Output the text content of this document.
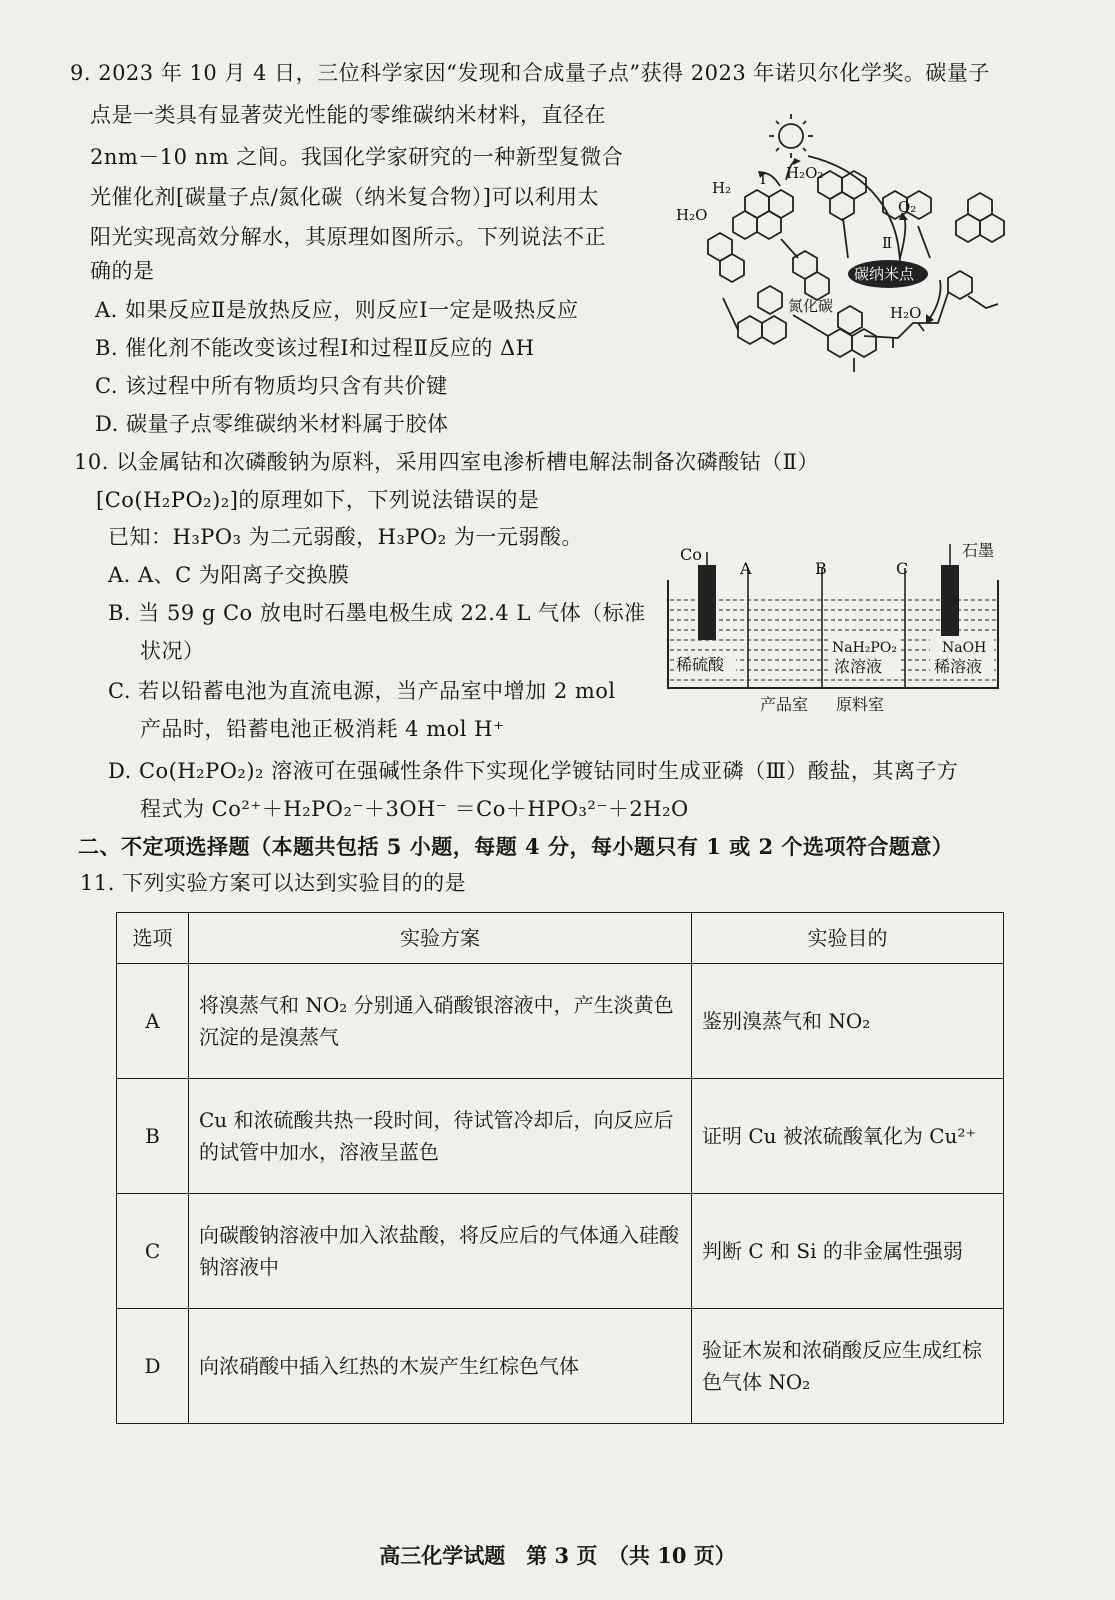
9. 2023 年 10 月 4 日，三位科学家因“发现和合成量子点”获得 2023 年诺贝尔化学奖。碳量子
点是一类具有显著荧光性能的零维碳纳米材料，直径在
2nm－10 nm 之间。我国化学家研究的一种新型复微合
光催化剂[碳量子点/氮化碳（纳米复合物）]可以利用太
阳光实现高效分解水，其原理如图所示。下列说法不正
确的是
A. 如果反应Ⅱ是放热反应，则反应Ⅰ一定是吸热反应
B. 催化剂不能改变该过程Ⅰ和过程Ⅱ反应的 ΔH
C. 该过程中所有物质均只含有共价键
D. 碳量子点零维碳纳米材料属于胶体
H₂
H₂O₂
Ⅰ
Ⅱ
H₂O	O₂
碳纳米点
氮化碳	H₂O
10. 以金属钴和次磷酸钠为原料，采用四室电渗析槽电解法制备次磷酸钴（Ⅱ）
[Co(H₂PO₂)₂]的原理如下，下列说法错误的是
已知：H₃PO₃ 为二元弱酸，H₃PO₂ 为一元弱酸。
A. A、C 为阳离子交换膜
B. 当 59 g Co 放电时石墨电极生成 22.4 L 气体（标准
状况）
C. 若以铅蓄电池为直流电源，当产品室中增加 2 mol
产品时，铅蓄电池正极消耗 4 mol H⁺
D. Co(H₂PO₂)₂ 溶液可在强碱性条件下实现化学镀钴同时生成亚磷（Ⅲ）酸盐，其离子方
程式为 Co²⁺＋H₂PO₂⁻＋3OH⁻ ＝Co＋HPO₃²⁻＋2H₂O
Co
A	B	C
石墨
稀硫酸
NaH₂PO₂
浓溶液
NaOH
稀溶液
产品室 原料室
二、不定项选择题（本题共包括 5 小题，每题 4 分，每小题只有 1 或 2 个选项符合题意）
11. 下列实验方案可以达到实验目的的是
选项	实验方案	实验目的
A	将溴蒸气和 NO₂ 分别通入硝酸银溶液中，产生淡黄色沉淀的是溴蒸气	鉴别溴蒸气和 NO₂
B	Cu 和浓硫酸共热一段时间，待试管冷却后，向反应后的试管中加水，溶液呈蓝色	证明 Cu 被浓硫酸氧化为 Cu²⁺
C	向碳酸钠溶液中加入浓盐酸，将反应后的气体通入硅酸钠溶液中	判断 C 和 Si 的非金属性强弱
D	向浓硝酸中插入红热的木炭产生红棕色气体	验证木炭和浓硝酸反应生成红棕色气体 NO₂
高三化学试题　第 3 页　（共 10 页）
